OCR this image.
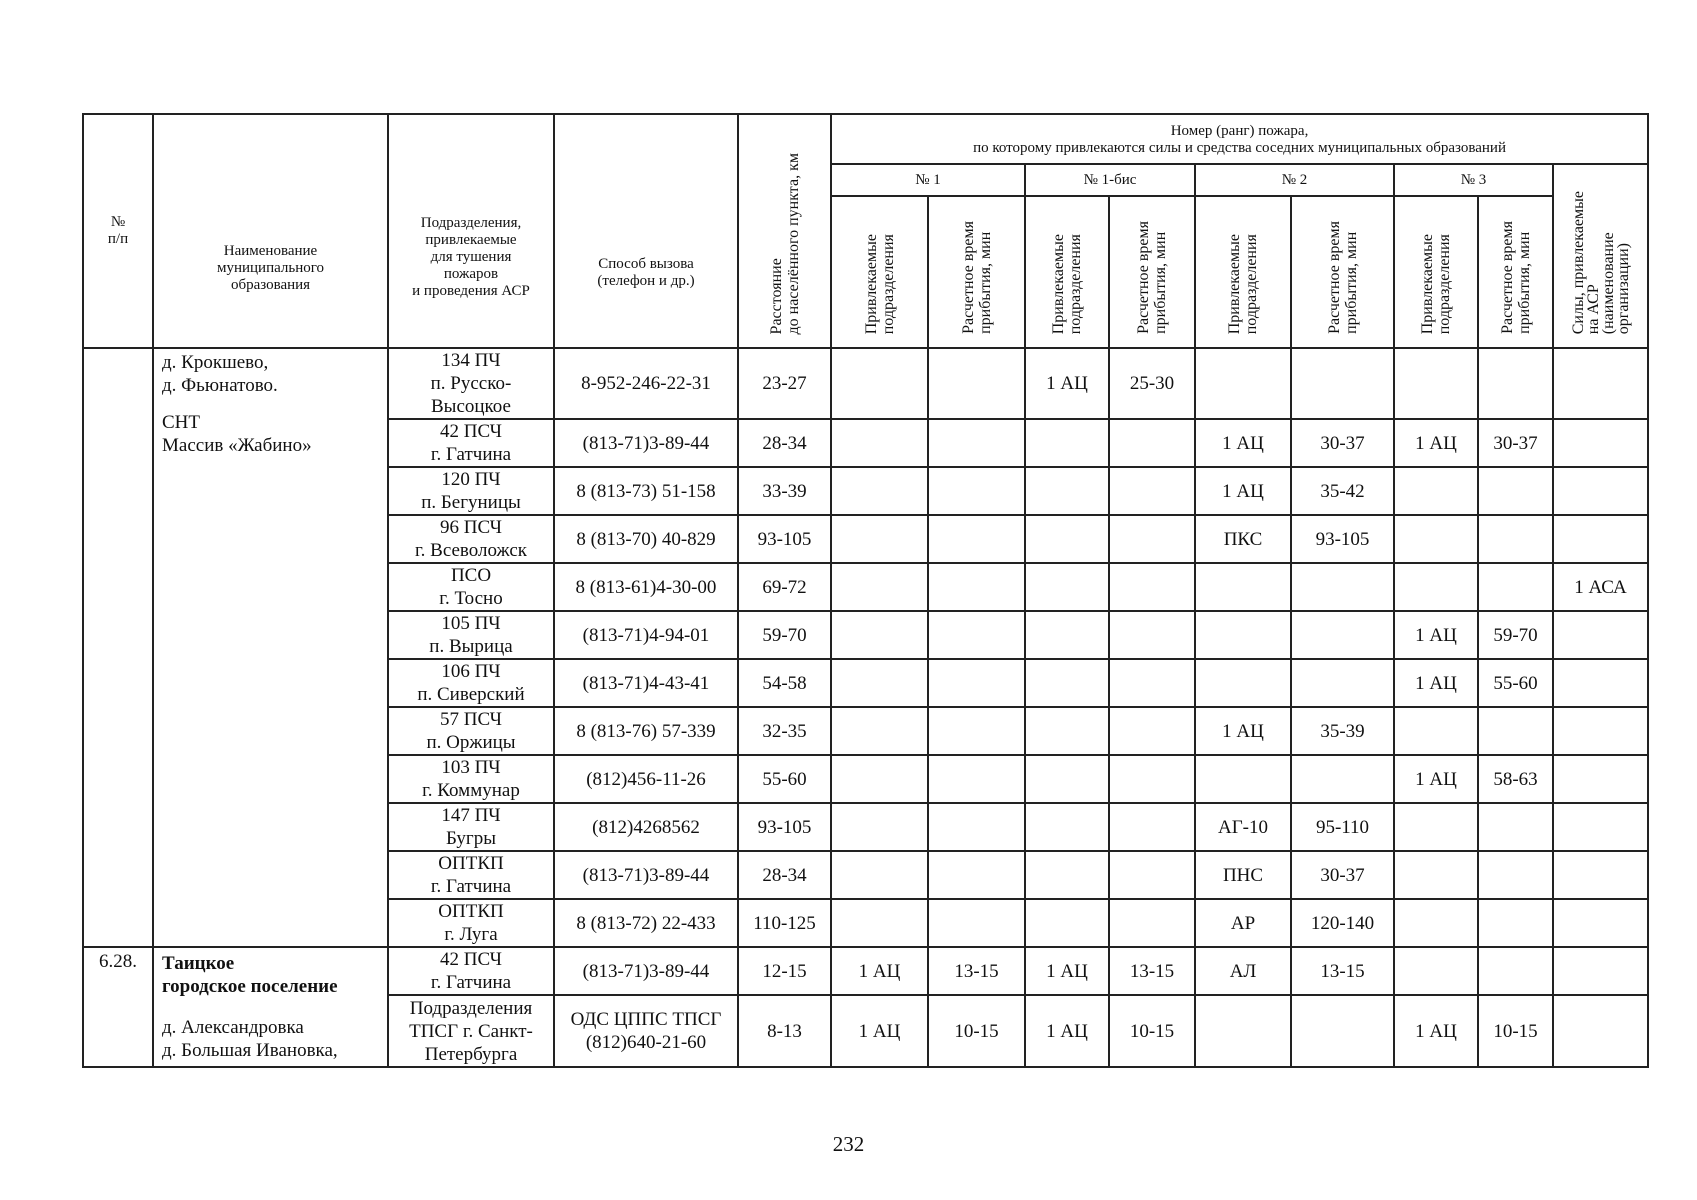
№
п/п	Наименование
муниципального
образования	Подразделения,
привлекаемые
для тушения
пожаров
и проведения АСР	Способ вызова
(телефон и др.)	Расстояние
до населённого пункта, км	Номер (ранг) пожара,
по которому привлекаются силы и средства соседних муниципальных образований								
					№ 1		№ 1-бис		№ 2		№ 3		Силы, привлекаемые
на АСР
(наименование
организации)
					Привлекаемые
подразделения	Расчетное время
прибытия, мин	Привлекаемые
подразделения	Расчетное время
прибытия, мин	Привлекаемые
подразделения	Расчетное время
прибытия, мин	Привлекаемые
подразделения	Расчетное время
прибытия, мин	

	д. Крокшево,
д. Фьюнатово.
СНТ
Массив «Жабино»	134 ПЧ
п. Русско-
Высоцкое	8-952-246-22-31	23-27			1 АЦ	25-30					
		42 ПСЧ
г. Гатчина	(813-71)3-89-44	28-34					1 АЦ	30-37	1 АЦ	30-37	
		120 ПЧ
п. Бегуницы	8 (813-73) 51-158	33-39					1 АЦ	35-42			
		96 ПСЧ
г. Всеволожск	8 (813-70) 40-829	93-105					ПКС	93-105			
		ПСО
г. Тосно	8 (813-61)4-30-00	69-72									1 АСА
		105 ПЧ
п. Вырица	(813-71)4-94-01	59-70							1 АЦ	59-70	
		106 ПЧ
п. Сиверский	(813-71)4-43-41	54-58							1 АЦ	55-60	
		57 ПСЧ
п. Оржицы	8 (813-76) 57-339	32-35					1 АЦ	35-39			
		103 ПЧ
г. Коммунар	(812)456-11-26	55-60							1 АЦ	58-63	
		147 ПЧ
Бугры	(812)4268562	93-105					АГ-10	95-110			
		ОПТКП
г. Гатчина	(813-71)3-89-44	28-34					ПНС	30-37			
		ОПТКП
г. Луга	8 (813-72) 22-433	110-125					АР	120-140			
6.28.	Таицкое
городское поселение
д. Александровка
д. Большая Ивановка,	42 ПСЧ
г. Гатчина	(813-71)3-89-44	12-15	1 АЦ	13-15	1 АЦ	13-15	АЛ	13-15			
		Подразделения
ТПСГ г. Санкт-
Петербурга	ОДС ЦППС ТПСГ
(812)640-21-60	8-13	1 АЦ	10-15	1 АЦ	10-15			1 АЦ	10-15	
232
